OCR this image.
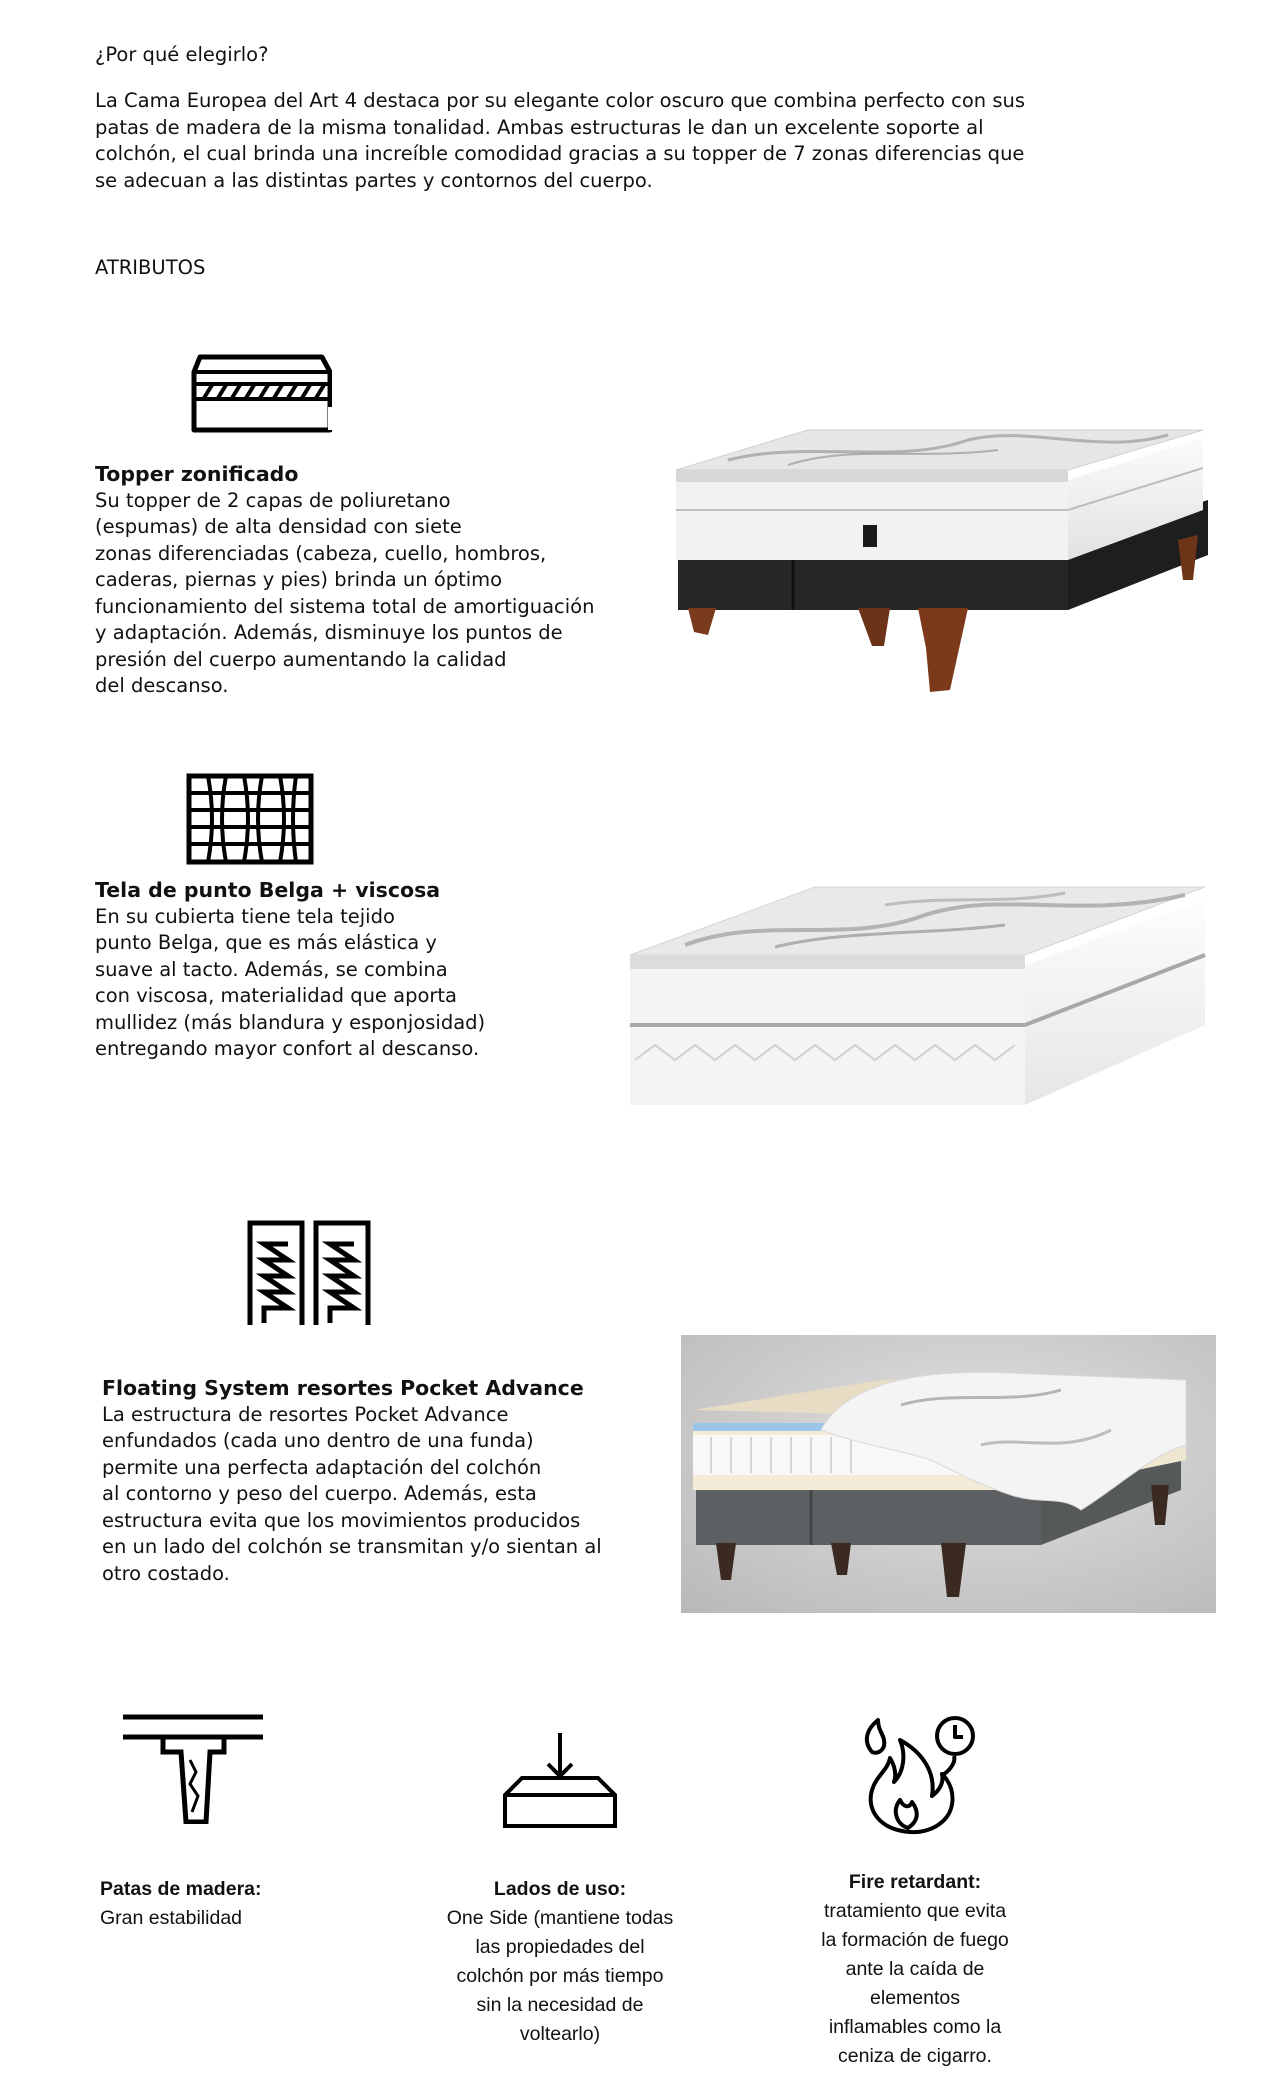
¿Por qué elegirlo?
La Cama Europea del Art 4 destaca por su elegante color oscuro que combina perfecto con sus
patas de madera de la misma tonalidad. Ambas estructuras le dan un excelente soporte al
colchón, el cual brinda una increíble comodidad gracias a su topper de 7 zonas diferencias que
se adecuan a las distintas partes y contornos del cuerpo.
ATRIBUTOS
Topper zonificado
Su topper de 2 capas de poliuretano
(espumas) de alta densidad con siete
zonas diferenciadas (cabeza, cuello, hombros,
caderas, piernas y pies) brinda un óptimo
funcionamiento del sistema total de amortiguación
y adaptación. Además, disminuye los puntos de
presión del cuerpo aumentando la calidad
del descanso.
Tela de punto Belga + viscosa
En su cubierta tiene tela tejido
punto Belga, que es más elástica y
suave al tacto. Además, se combina
con viscosa, materialidad que aporta
mullidez (más blandura y esponjosidad)
entregando mayor confort al descanso.
Floating System resortes Pocket Advance
La estructura de resortes Pocket Advance
enfundados (cada uno dentro de una funda)
permite una perfecta adaptación del colchón
al contorno y peso del cuerpo. Además, esta
estructura evita que los movimientos producidos
en un lado del colchón se transmitan y/o sientan al
otro costado.
Patas de madera:
Gran estabilidad
Lados de uso:
One Side (mantiene todas
las propiedades del
colchón por más tiempo
sin la necesidad de
voltearlo)
Fire retardant:
tratamiento que evita
la formación de fuego
ante la caída de
elementos
inflamables como la
ceniza de cigarro.
